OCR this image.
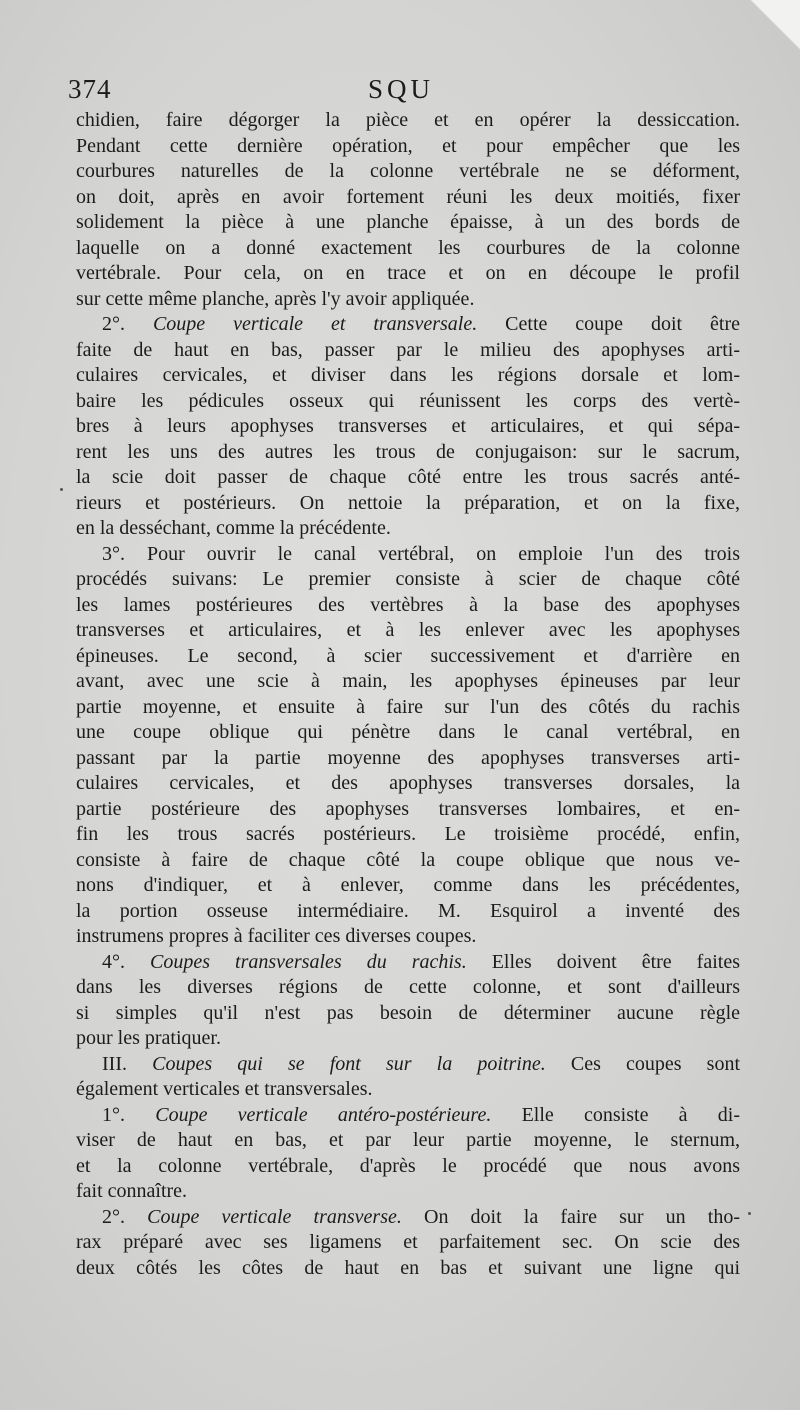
374	SQU
chidien, faire dégorger la pièce et en opérer la dessiccation.
Pendant cette dernière opération, et pour empêcher que les
courbures naturelles de la colonne vertébrale ne se déforment,
on doit, après en avoir fortement réuni les deux moitiés, fixer
solidement la pièce à une planche épaisse, à un des bords de
laquelle on a donné exactement les courbures de la colonne
vertébrale. Pour cela, on en trace et on en découpe le profil
sur cette même planche, après l'y avoir appliquée.
2°. Coupe verticale et transversale. Cette coupe doit être
faite de haut en bas, passer par le milieu des apophyses arti-
culaires cervicales, et diviser dans les régions dorsale et lom-
baire les pédicules osseux qui réunissent les corps des vertè-
bres à leurs apophyses transverses et articulaires, et qui sépa-
rent les uns des autres les trous de conjugaison: sur le sacrum,
la scie doit passer de chaque côté entre les trous sacrés anté-
rieurs et postérieurs. On nettoie la préparation, et on la fixe,
en la desséchant, comme la précédente.
3°. Pour ouvrir le canal vertébral, on emploie l'un des trois
procédés suivans: Le premier consiste à scier de chaque côté
les lames postérieures des vertèbres à la base des apophyses
transverses et articulaires, et à les enlever avec les apophyses
épineuses. Le second, à scier successivement et d'arrière en
avant, avec une scie à main, les apophyses épineuses par leur
partie moyenne, et ensuite à faire sur l'un des côtés du rachis
une coupe oblique qui pénètre dans le canal vertébral, en
passant par la partie moyenne des apophyses transverses arti-
culaires cervicales, et des apophyses transverses dorsales, la
partie postérieure des apophyses transverses lombaires, et en-
fin les trous sacrés postérieurs. Le troisième procédé, enfin,
consiste à faire de chaque côté la coupe oblique que nous ve-
nons d'indiquer, et à enlever, comme dans les précédentes,
la portion osseuse intermédiaire. M. Esquirol a inventé des
instrumens propres à faciliter ces diverses coupes.
4°. Coupes transversales du rachis. Elles doivent être faites
dans les diverses régions de cette colonne, et sont d'ailleurs
si simples qu'il n'est pas besoin de déterminer aucune règle
pour les pratiquer.
III. Coupes qui se font sur la poitrine. Ces coupes sont
également verticales et transversales.
1°. Coupe verticale antéro-postérieure. Elle consiste à di-
viser de haut en bas, et par leur partie moyenne, le sternum,
et la colonne vertébrale, d'après le procédé que nous avons
fait connaître.
2°. Coupe verticale transverse. On doit la faire sur un tho-
rax préparé avec ses ligamens et parfaitement sec. On scie des
deux côtés les côtes de haut en bas et suivant une ligne qui
